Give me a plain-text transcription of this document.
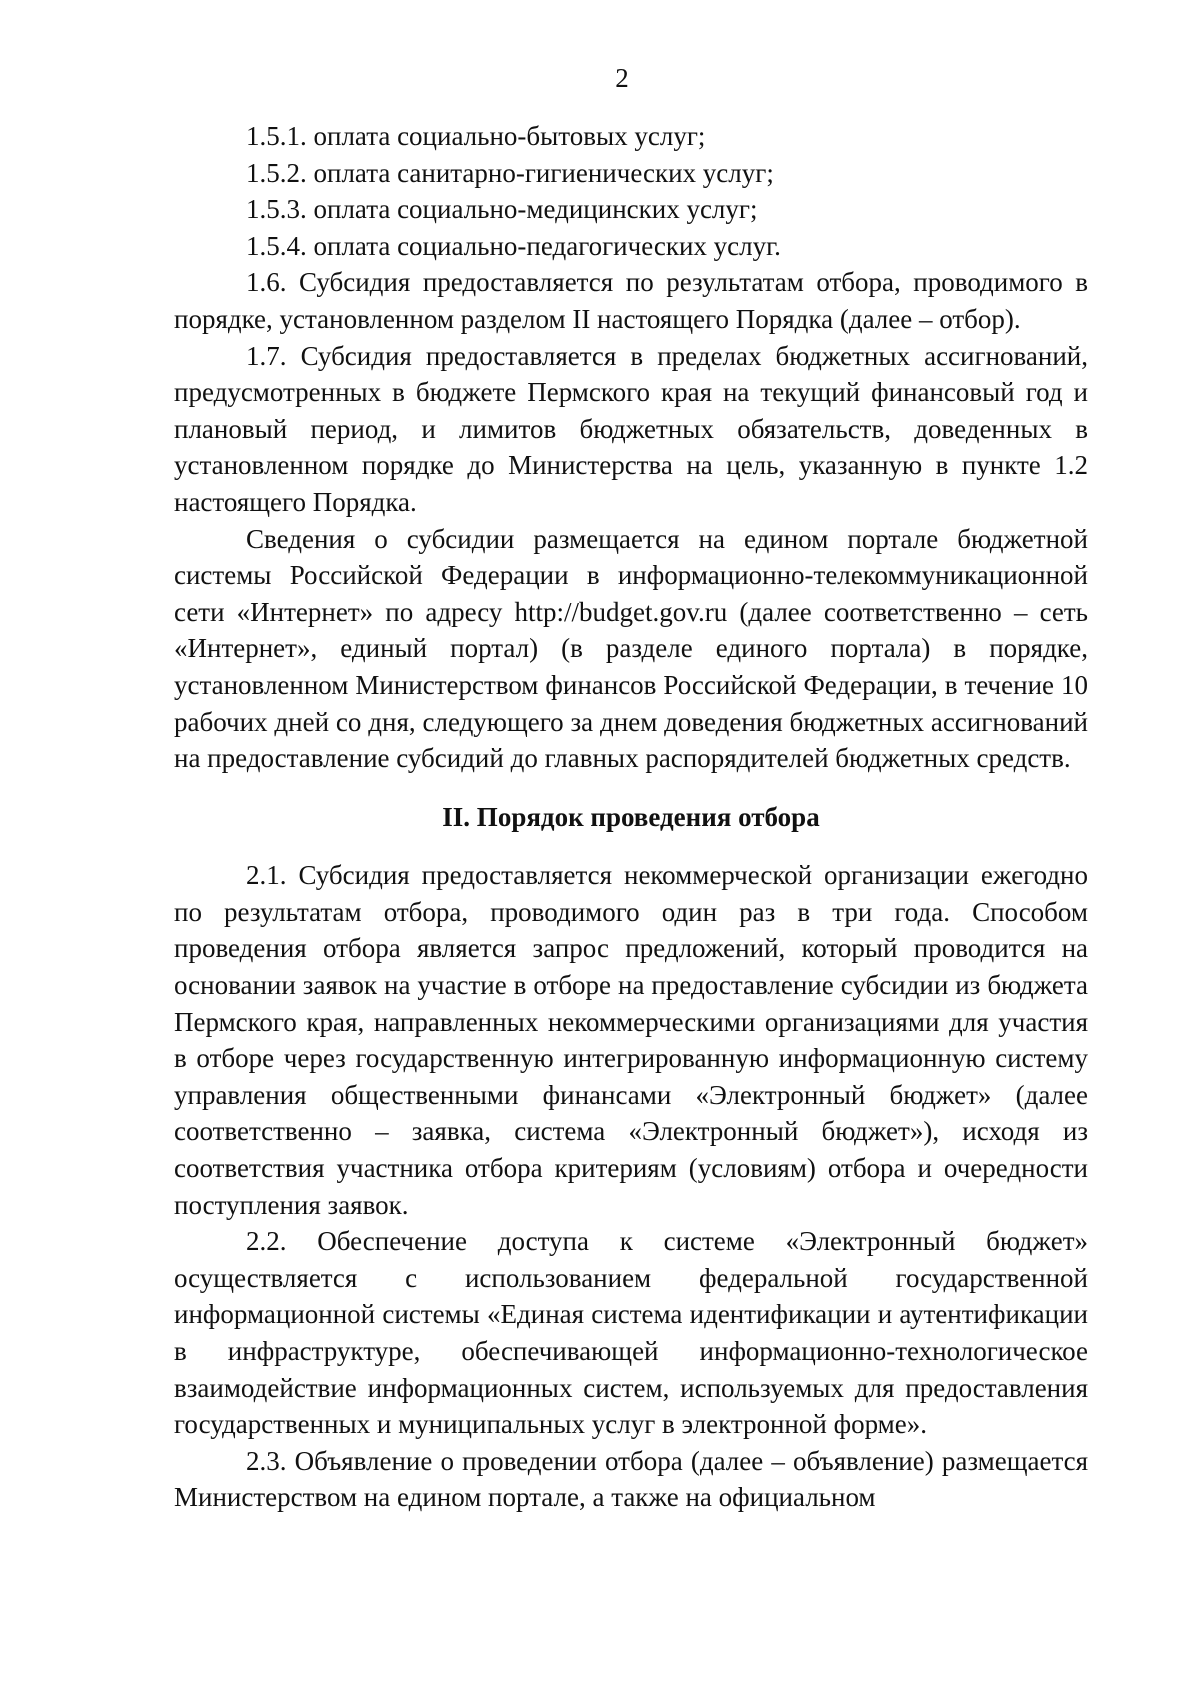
2

1.5.1. оплата социально-бытовых услуг;

1.5.2. оплата санитарно-гигиенических услуг;

1.5.3. оплата социально-медицинских услуг;

1.5.4. оплата социально-педагогических услуг.

1.6. Субсидия предоставляется по результатам отбора, проводимого в порядке, установленном разделом II настоящего Порядка (далее – отбор).

1.7. Субсидия предоставляется в пределах бюджетных ассигнований, предусмотренных в бюджете Пермского края на текущий финансовый год и плановый период, и лимитов бюджетных обязательств, доведенных в установленном порядке до Министерства на цель, указанную в пункте 1.2 настоящего Порядка.

Сведения о субсидии размещается на едином портале бюджетной системы Российской Федерации в информационно-телекоммуникационной сети «Интернет» по адресу http://budget.gov.ru (далее соответственно – сеть «Интернет», единый портал) (в разделе единого портала) в порядке, установленном Министерством финансов Российской Федерации, в течение 10 рабочих дней со дня, следующего за днем доведения бюджетных ассигнований на предоставление субсидий до главных распорядителей бюджетных средств.

II. Порядок проведения отбора

2.1. Субсидия предоставляется некоммерческой организации ежегодно по результатам отбора, проводимого один раз в три года. Способом проведения отбора является запрос предложений, который проводится на основании заявок на участие в отборе на предоставление субсидии из бюджета Пермского края, направленных некоммерческими организациями для участия в отборе через государственную интегрированную информационную систему управления общественными финансами «Электронный бюджет» (далее соответственно – заявка, система «Электронный бюджет»), исходя из соответствия участника отбора критериям (условиям) отбора и очередности поступления заявок.

2.2. Обеспечение доступа к системе «Электронный бюджет» осуществляется с использованием федеральной государственной информационной системы «Единая система идентификации и аутентификации в инфраструктуре, обеспечивающей информационно-технологическое взаимодействие информационных систем, используемых для предоставления государственных и муниципальных услуг в электронной форме».

2.3. Объявление о проведении отбора (далее – объявление) размещается Министерством на едином портале, а также на официальном
